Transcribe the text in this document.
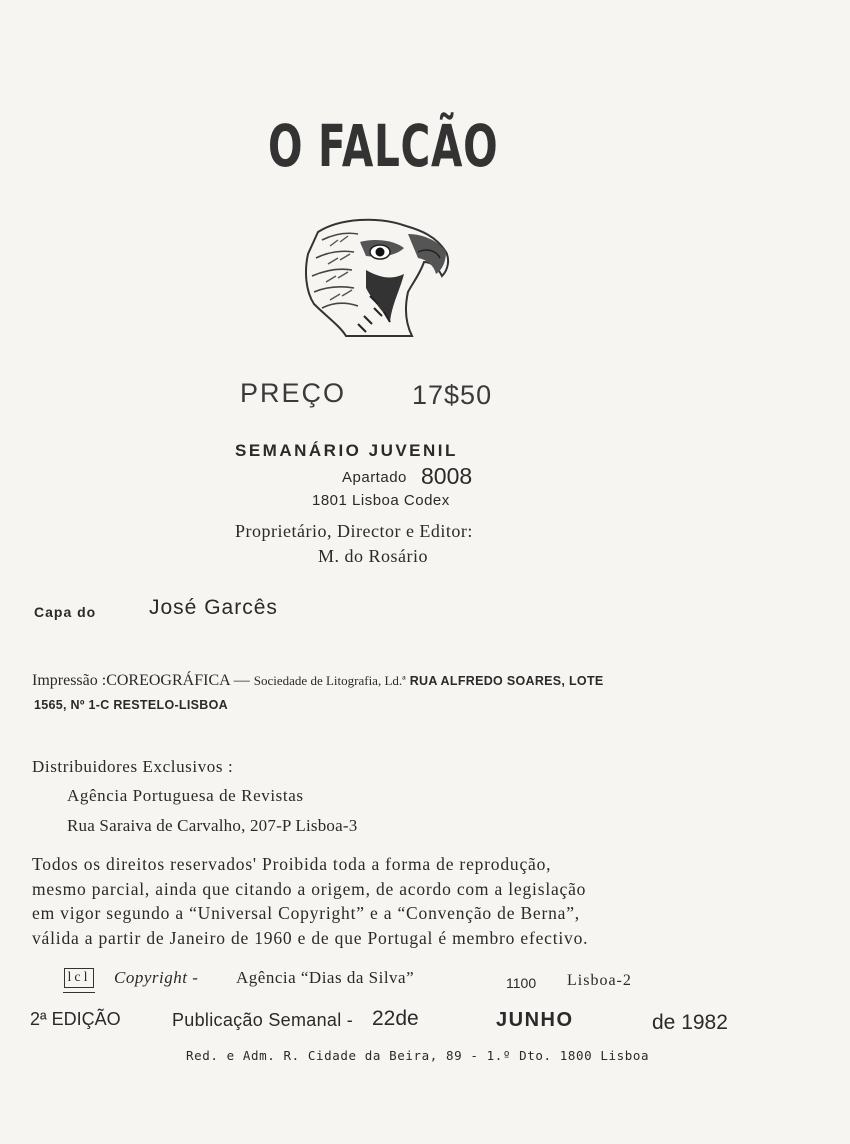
O FALCÃO
PREÇO 17$50
SEMANÁRIO JUVENIL
Apartado 8008
1801 Lisboa Codex
Proprietário, Director e Editor:
M. do Rosário
Capa do	José Garcês
Impressão :COREOGRÁFICA — Sociedade de Litografia, Ld.ª RUA ALFREDO SOARES, LOTE
1565, Nº 1-C RESTELO-LISBOA
Distribuidores Exclusivos :
Agência Portuguesa de Revistas
Rua Saraiva de Carvalho, 207-P Lisboa-3
Todos os direitos reservados' Proibida toda a forma de reprodução,
mesmo parcial, ainda que citando a origem, de acordo com a legislação
em vigor segundo a “Universal Copyright” e a “Convenção de Berna”,
válida a partir de Janeiro de 1960 e de que Portugal é membro efectivo.
lcl Copyright - Agência “Dias da Silva”	1100 Lisboa-2
2ª EDIÇÃO	Publicação Semanal - 22de	JUNHO	de 1982
Red. e Adm. R. Cidade da Beira, 89 - 1.º Dto. 1800 Lisboa
